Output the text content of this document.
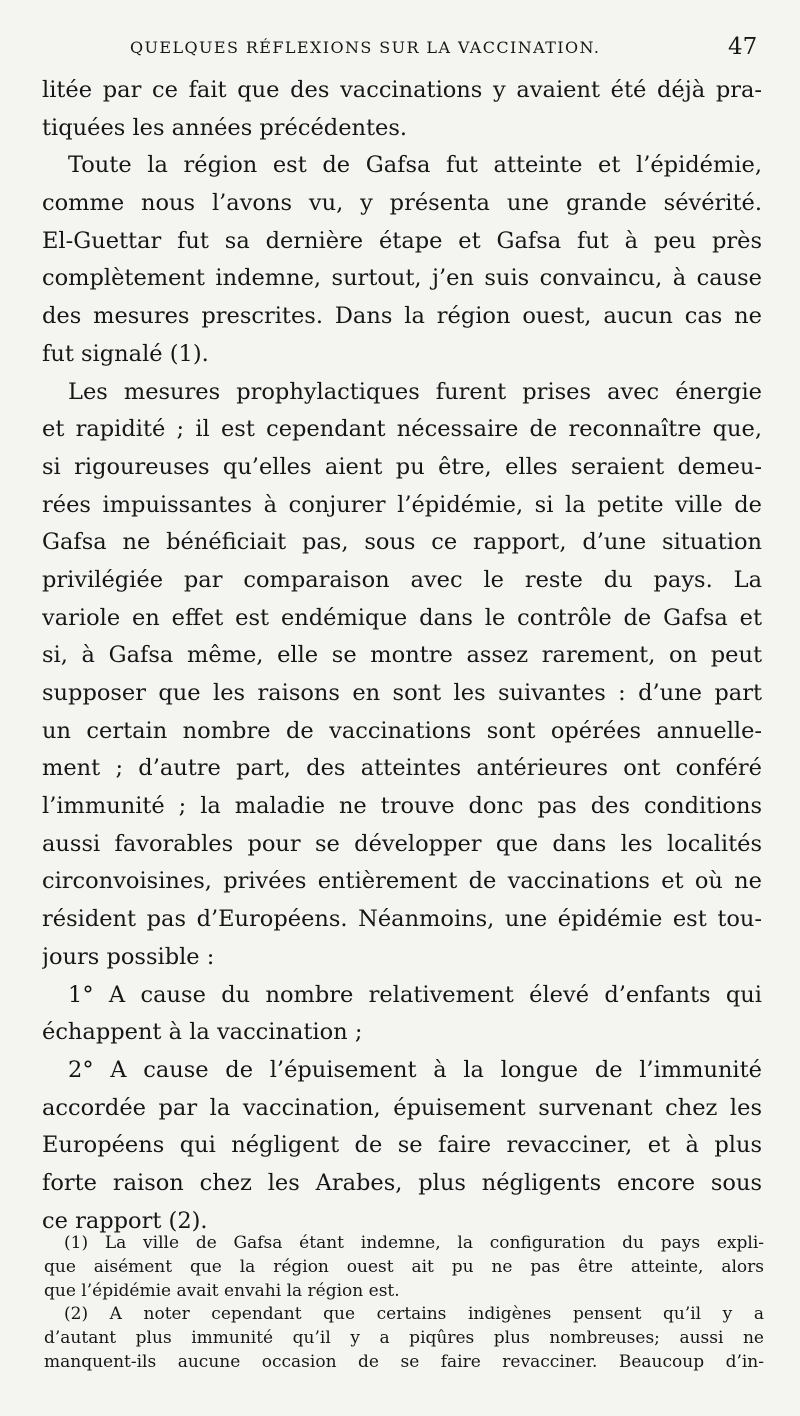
QUELQUES RÉFLEXIONS SUR LA VACCINATION.	47
litée par ce fait que des vaccinations y avaient été déjà pra-
tiquées les années précédentes.
Toute la région est de Gafsa fut atteinte et l’épidémie,
comme nous l’avons vu, y présenta une grande sévérité.
El-Guettar fut sa dernière étape et Gafsa fut à peu près
complètement indemne, surtout, j’en suis convaincu, à cause
des mesures prescrites. Dans la région ouest, aucun cas ne
fut signalé (1).
Les mesures prophylactiques furent prises avec énergie
et rapidité ; il est cependant nécessaire de reconnaître que,
si rigoureuses qu’elles aient pu être, elles seraient demeu-
rées impuissantes à conjurer l’épidémie, si la petite ville de
Gafsa ne bénéficiait pas, sous ce rapport, d’une situation
privilégiée par comparaison avec le reste du pays. La
variole en effet est endémique dans le contrôle de Gafsa et
si, à Gafsa même, elle se montre assez rarement, on peut
supposer que les raisons en sont les suivantes : d’une part
un certain nombre de vaccinations sont opérées annuelle-
ment ; d’autre part, des atteintes antérieures ont conféré
l’immunité ; la maladie ne trouve donc pas des conditions
aussi favorables pour se développer que dans les localités
circonvoisines, privées entièrement de vaccinations et où ne
résident pas d’Européens. Néanmoins, une épidémie est tou-
jours possible :
1° A cause du nombre relativement élevé d’enfants qui
échappent à la vaccination ;
2° A cause de l’épuisement à la longue de l’immunité
accordée par la vaccination, épuisement survenant chez les
Européens qui négligent de se faire revacciner, et à plus
forte raison chez les Arabes, plus négligents encore sous
ce rapport (2).
(1) La ville de Gafsa étant indemne, la configuration du pays expli-
que aisément que la région ouest ait pu ne pas être atteinte, alors
que l’épidémie avait envahi la région est.
(2) A noter cependant que certains indigènes pensent qu’il y a
d’autant plus immunité qu’il y a piqûres plus nombreuses; aussi ne
manquent-ils aucune occasion de se faire revacciner. Beaucoup d’in-
